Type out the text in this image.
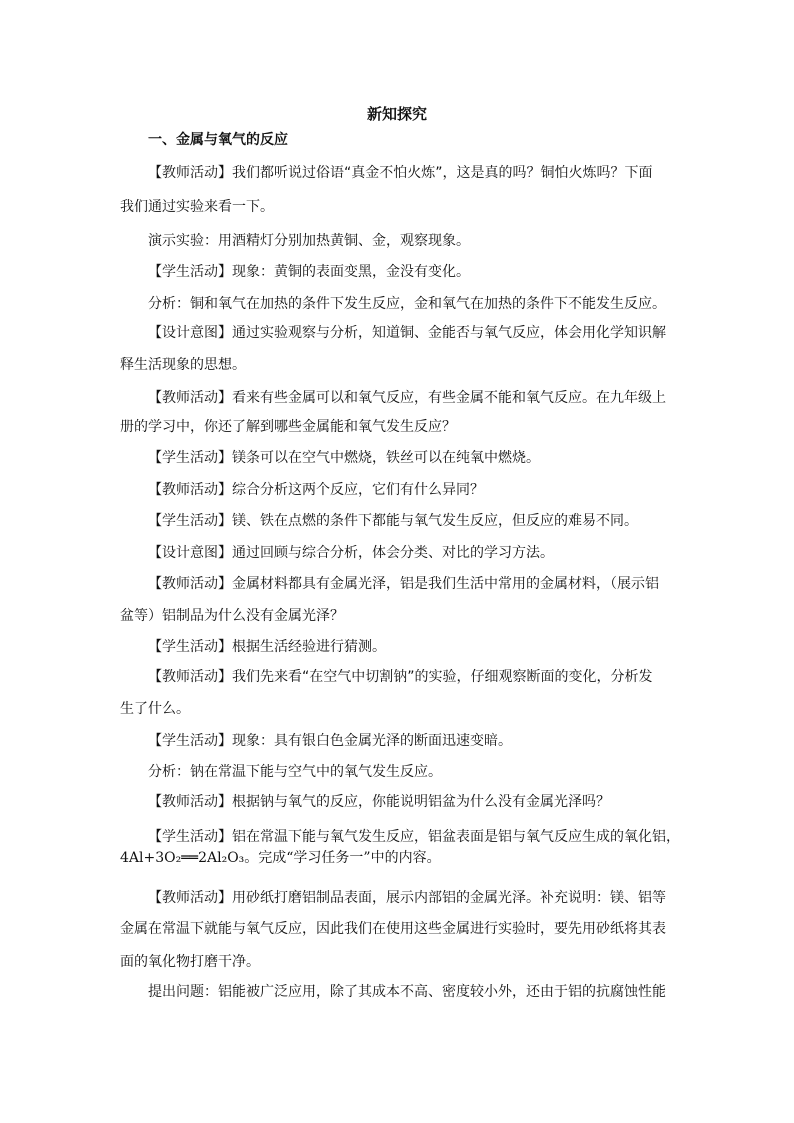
新知探究
一、金属与氧气的反应
【教师活动】我们都听说过俗语“真金不怕火炼”，这是真的吗？铜怕火炼吗？下面
我们通过实验来看一下。
演示实验：用酒精灯分别加热黄铜、金，观察现象。
【学生活动】现象：黄铜的表面变黑，金没有变化。
分析：铜和氧气在加热的条件下发生反应，金和氧气在加热的条件下不能发生反应。
【设计意图】通过实验观察与分析，知道铜、金能否与氧气反应，体会用化学知识解
释生活现象的思想。
【教师活动】看来有些金属可以和氧气反应，有些金属不能和氧气反应。在九年级上
册的学习中，你还了解到哪些金属能和氧气发生反应？
【学生活动】镁条可以在空气中燃烧，铁丝可以在纯氧中燃烧。
【教师活动】综合分析这两个反应，它们有什么异同？
【学生活动】镁、铁在点燃的条件下都能与氧气发生反应，但反应的难易不同。
【设计意图】通过回顾与综合分析，体会分类、对比的学习方法。
【教师活动】金属材料都具有金属光泽，铝是我们生活中常用的金属材料，（展示铝
盆等）铝制品为什么没有金属光泽？
【学生活动】根据生活经验进行猜测。
【教师活动】我们先来看“在空气中切割钠”的实验，仔细观察断面的变化，分析发
生了什么。
【学生活动】现象：具有银白色金属光泽的断面迅速变暗。
分析：钠在常温下能与空气中的氧气发生反应。
【教师活动】根据钠与氧气的反应，你能说明铝盆为什么没有金属光泽吗？
【学生活动】铝在常温下能与氧气发生反应，铝盆表面是铝与氧气反应生成的氧化铝，
4Al+3O₂══2Al₂O₃。完成“学习任务一”中的内容。
【教师活动】用砂纸打磨铝制品表面，展示内部铝的金属光泽。补充说明：镁、铝等
金属在常温下就能与氧气反应，因此我们在使用这些金属进行实验时，要先用砂纸将其表
面的氧化物打磨干净。
提出问题：铝能被广泛应用，除了其成本不高、密度较小外，还由于铝的抗腐蚀性能
